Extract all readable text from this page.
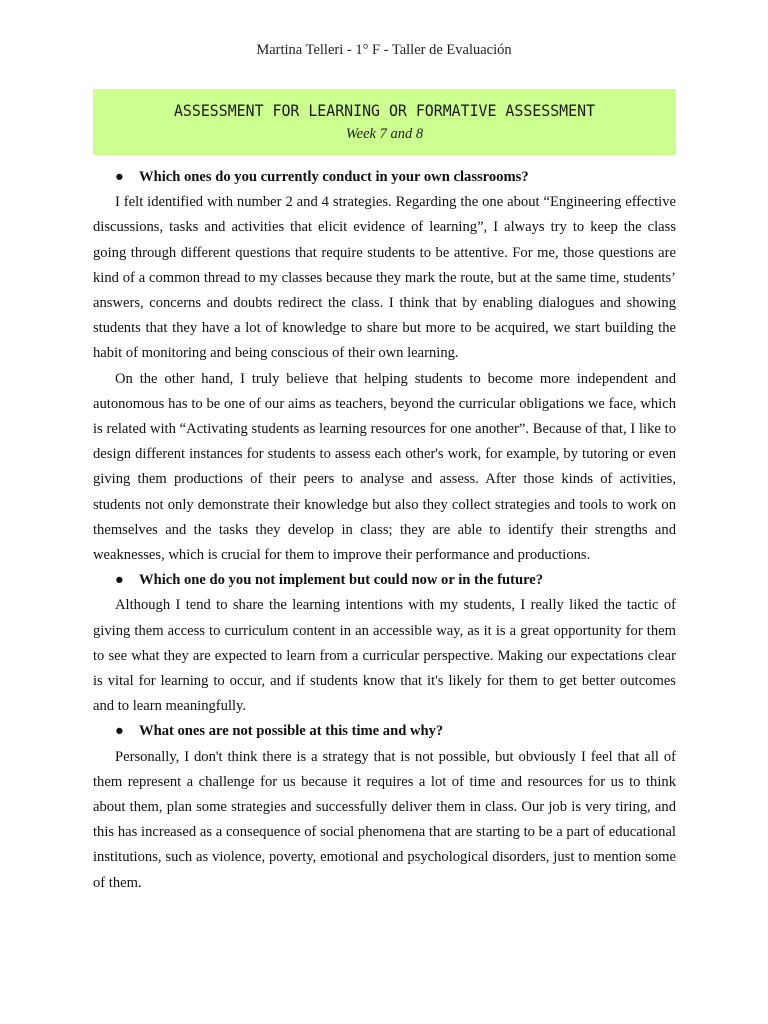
Martina Telleri - 1° F - Taller de Evaluación
ASSESSMENT FOR LEARNING OR FORMATIVE ASSESSMENT
Week 7 and 8
● Which ones do you currently conduct in your own classrooms?

I felt identified with number 2 and 4 strategies. Regarding the one about “Engineering effective discussions, tasks and activities that elicit evidence of learning”, I always try to keep the class going through different questions that require students to be attentive. For me, those questions are kind of a common thread to my classes because they mark the route, but at the same time, students’ answers, concerns and doubts redirect the class. I think that by enabling dialogues and showing students that they have a lot of knowledge to share but more to be acquired, we start building the habit of monitoring and being conscious of their own learning.

On the other hand, I truly believe that helping students to become more independent and autonomous has to be one of our aims as teachers, beyond the curricular obligations we face, which is related with “Activating students as learning resources for one another”. Because of that, I like to design different instances for students to assess each other's work, for example, by tutoring or even giving them productions of their peers to analyse and assess. After those kinds of activities, students not only demonstrate their knowledge but also they collect strategies and tools to work on themselves and the tasks they develop in class; they are able to identify their strengths and weaknesses, which is crucial for them to improve their performance and productions.

● Which one do you not implement but could now or in the future?

Although I tend to share the learning intentions with my students, I really liked the tactic of giving them access to curriculum content in an accessible way, as it is a great opportunity for them to see what they are expected to learn from a curricular perspective. Making our expectations clear is vital for learning to occur, and if students know that it's likely for them to get better outcomes and to learn meaningfully.

● What ones are not possible at this time and why?

Personally, I don't think there is a strategy that is not possible, but obviously I feel that all of them represent a challenge for us because it requires a lot of time and resources for us to think about them, plan some strategies and successfully deliver them in class. Our job is very tiring, and this has increased as a consequence of social phenomena that are starting to be a part of educational institutions, such as violence, poverty, emotional and psychological disorders, just to mention some of them.
